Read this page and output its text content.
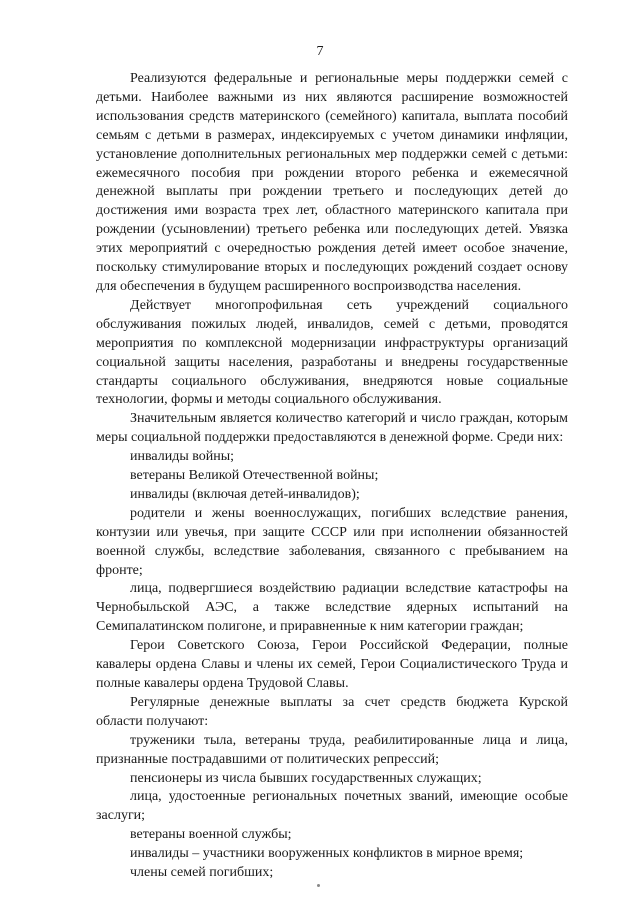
7

Реализуются федеральные и региональные меры поддержки семей с детьми. Наиболее важными из них являются расширение возможностей использования средств материнского (семейного) капитала, выплата пособий семьям с детьми в размерах, индексируемых с учетом динамики инфляции, установление дополнительных региональных мер поддержки семей с детьми: ежемесячного пособия при рождении второго ребенка и ежемесячной денежной выплаты при рождении третьего и последующих детей до достижения ими возраста трех лет, областного материнского капитала при рождении (усыновлении) третьего ребенка или последующих детей. Увязка этих мероприятий с очередностью рождения детей имеет особое значение, поскольку стимулирование вторых и последующих рождений создает основу для обеспечения в будущем расширенного воспроизводства населения.

Действует многопрофильная сеть учреждений социального обслуживания пожилых людей, инвалидов, семей с детьми, проводятся мероприятия по комплексной модернизации инфраструктуры организаций социальной защиты населения, разработаны и внедрены государственные стандарты социального обслуживания, внедряются новые социальные технологии, формы и методы социального обслуживания.

Значительным является количество категорий и число граждан, которым меры социальной поддержки предоставляются в денежной форме. Среди них:

инвалиды войны;

ветераны Великой Отечественной войны;

инвалиды (включая детей-инвалидов);

родители и жены военнослужащих, погибших вследствие ранения, контузии или увечья, при защите СССР или при исполнении обязанностей военной службы, вследствие заболевания, связанного с пребыванием на фронте;

лица, подвергшиеся воздействию радиации вследствие катастрофы на Чернобыльской АЭС, а также вследствие ядерных испытаний на Семипалатинском полигоне, и приравненные к ним категории граждан;

Герои Советского Союза, Герои Российской Федерации, полные кавалеры ордена Славы и члены их семей, Герои Социалистического Труда и полные кавалеры ордена Трудовой Славы.

Регулярные денежные выплаты за счет средств бюджета Курской области получают:

труженики тыла, ветераны труда, реабилитированные лица и лица, признанные пострадавшими от политических репрессий;

пенсионеры из числа бывших государственных служащих;

лица, удостоенные региональных почетных званий, имеющие особые заслуги;

ветераны военной службы;

инвалиды – участники вооруженных конфликтов в мирное время;

члены семей погибших;
